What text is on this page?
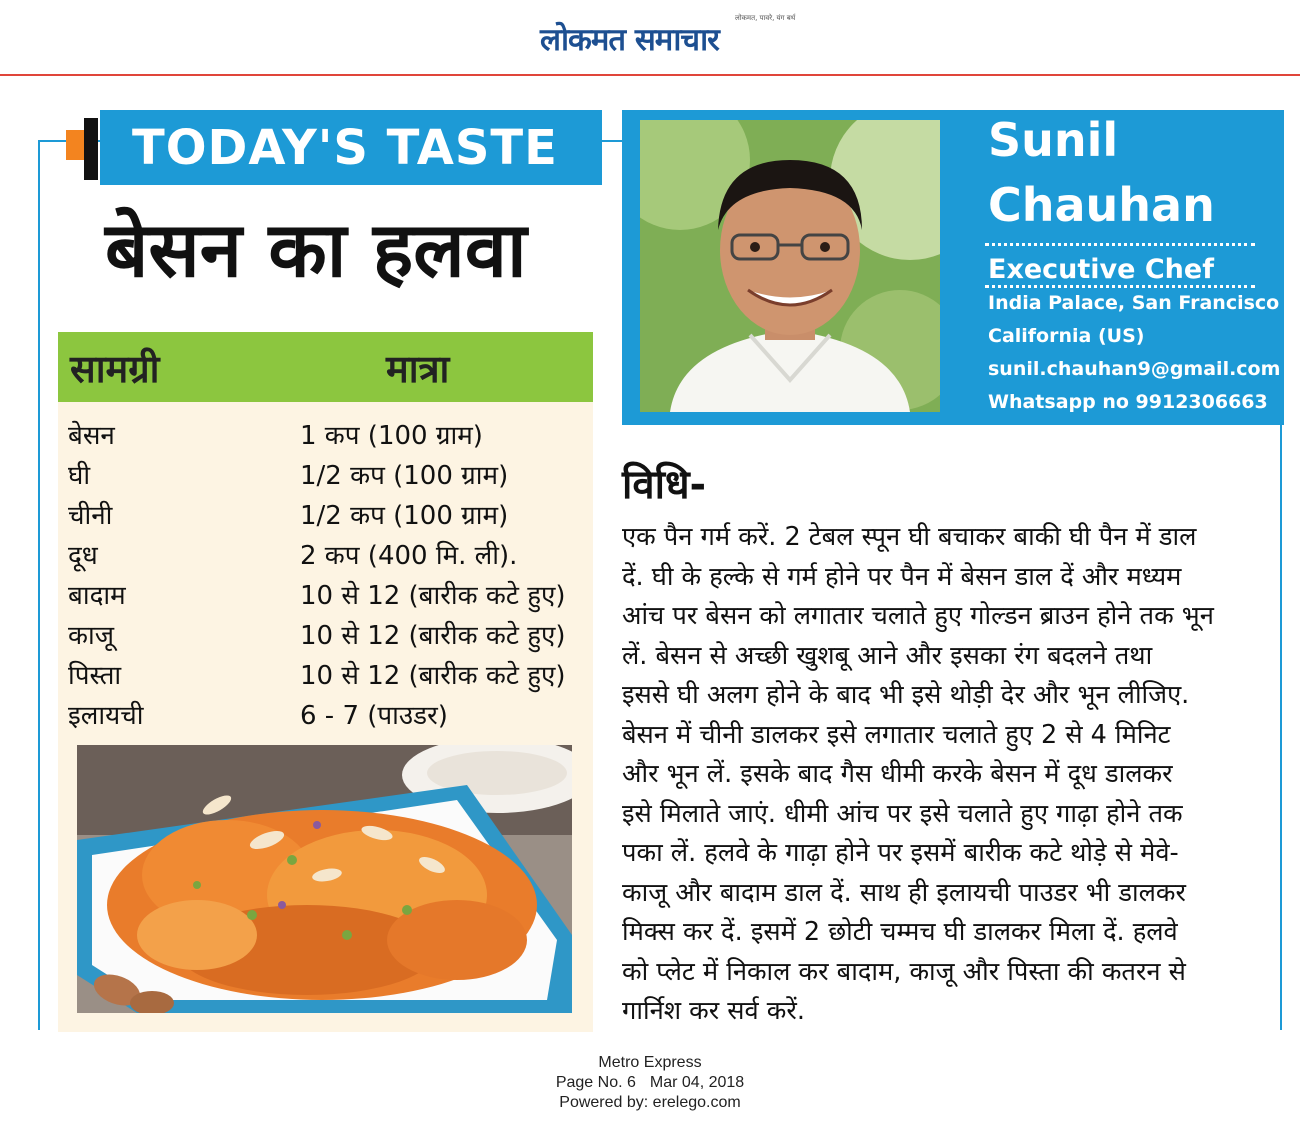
लोकमत, पावरे, यंग बर्थ
लोकमत समाचार
TODAY'S TASTE
बेसन का हलवा
सामग्री	मात्रा
बेसन	1 कप (100 ग्राम)
घी	1/2 कप (100 ग्राम)
चीनी	1/2 कप (100 ग्राम)
दूध	2 कप (400 मि. ली).
बादाम	10 से 12 (बारीक कटे हुए)
काजू	10 से 12 (बारीक कटे हुए)
पिस्ता	10 से 12 (बारीक कटे हुए)
इलायची	6 - 7 (पाउडर)
Sunil
Chauhan
Executive Chef
India Palace, San Francisco
California (US)
sunil.chauhan9@gmail.com
Whatsapp no 9912306663
विधि-
एक पैन गर्म करें. 2 टेबल स्पून घी बचाकर बाकी घी पैन में डाल
दें. घी के हल्के से गर्म होने पर पैन में बेसन डाल दें और मध्यम
आंच पर बेसन को लगातार चलाते हुए गोल्डन ब्राउन होने तक भून
लें. बेसन से अच्छी खुशबू आने और इसका रंग बदलने तथा
इससे घी अलग होने के बाद भी इसे थोड़ी देर और भून लीजिए.
बेसन में चीनी डालकर इसे लगातार चलाते हुए 2 से 4 मिनिट
और भून लें. इसके बाद गैस धीमी करके बेसन में दूध डालकर
इसे मिलाते जाएं. धीमी आंच पर इसे चलाते हुए गाढ़ा होने तक
पका लें. हलवे के गाढ़ा होने पर इसमें बारीक कटे थोड़े से मेवे-
काजू और बादाम डाल दें. साथ ही इलायची पाउडर भी डालकर
मिक्स कर दें. इसमें 2 छोटी चम्मच घी डालकर मिला दें. हलवे
को प्लेट में निकाल कर बादाम, काजू और पिस्ता की कतरन से
गार्निश कर सर्व करें.
Metro Express
Page No. 6 Mar 04, 2018
Powered by: erelego.com
